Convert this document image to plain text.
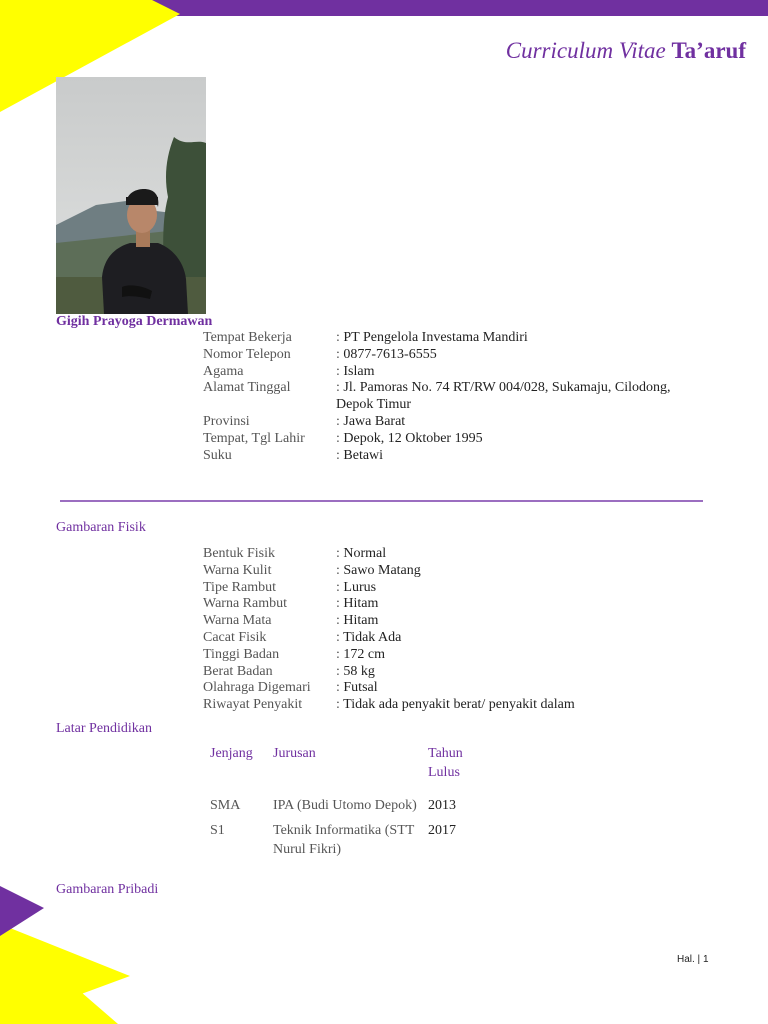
Curriculum Vitae Ta’aruf
Gigih Prayoga Dermawan
Tempat Bekerja	: PT Pengelola Investama Mandiri
Nomor Telepon	: 0877-7613-6555
Agama	: Islam
Alamat Tinggal	: Jl. Pamoras No. 74 RT/RW 004/028, Sukamaju, Cilodong, Depok Timur
Provinsi	: Jawa Barat
Tempat, Tgl Lahir	: Depok, 12 Oktober 1995
Suku	: Betawi
Gambaran Fisik
Bentuk Fisik	: Normal
Warna Kulit	: Sawo Matang
Tipe Rambut	: Lurus
Warna Rambut	: Hitam
Warna Mata	: Hitam
Cacat Fisik	: Tidak Ada
Tinggi Badan	: 172 cm
Berat Badan	: 58 kg
Olahraga Digemari	: Futsal
Riwayat Penyakit	: Tidak ada penyakit berat/ penyakit dalam
Latar Pendidikan
Jenjang	Jurusan	Tahun Lulus
SMA	IPA (Budi Utomo Depok)	2013
S1	Teknik Informatika (STT Nurul Fikri)	2017
Gambaran Pribadi
Hal. | 1
